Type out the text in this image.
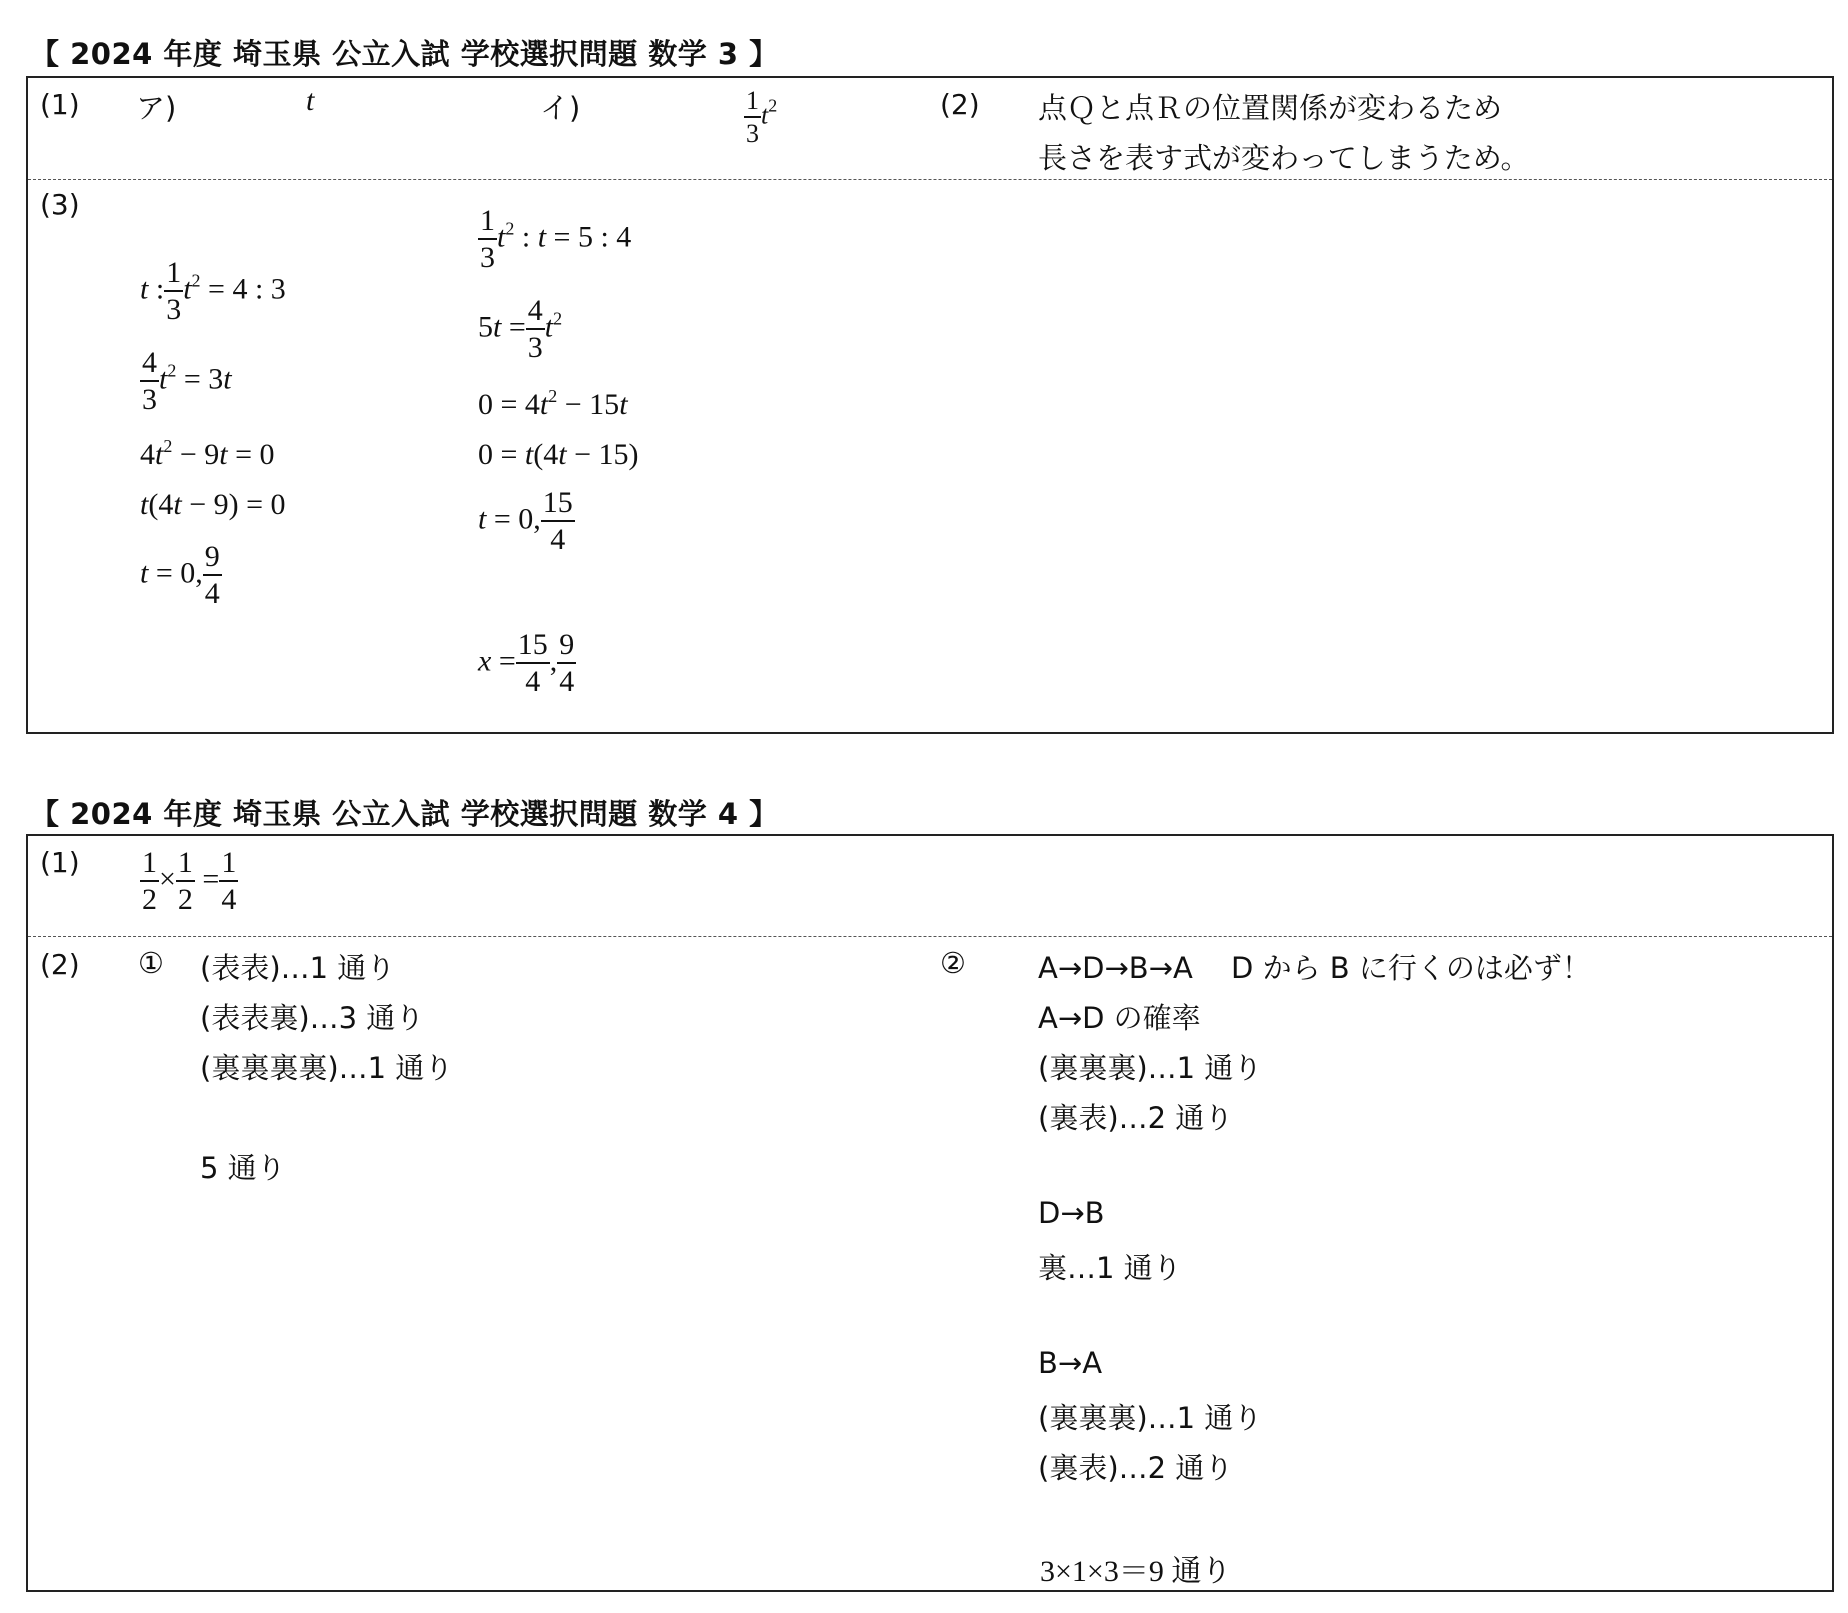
【 2024 年度 埼玉県 公立入試 学校選択問題 数学 3 】
(1) ア)	t	イ)	$\frac{1}{3} t^2$	(2) 点Ｑと点Ｒの位置関係が変わるため
長さを表す式が変わってしまうため。
(3)
t : $\frac{1}{3} t^2 = 4$ : 3
$\frac{4}{3} t^2 = 3t$
$4t^2 - 9t = 0$
t(4t − 9) = 0
t = 0, $\frac{9}{4}$
$\frac{1}{3} t^2$ : t = 5 : 4
$5t = \frac{4}{3} t^2$
$0 = 4t^2 - 15t$
0 = t(4t − 15)
t = 0, $\frac{15}{4}$
$x = \frac{15}{4}$ , $\frac{9}{4}$
【 2024 年度 埼玉県 公立入試 学校選択問題 数学 4 】
$(1) \frac{1}{2} \times \frac{1}{2} = \frac{1}{4}$
(2) ① (表表)…1 通り
(表表裏)…3 通り
(裏裏裏裏)…1 通り
5 通り
② A→D→B→A　 D から B に行くのは必ず！
A→D の確率
(裏裏裏)…1 通り
(裏表)…2 通り
D→B
裏…1 通り
B→A
(裏裏裏)…1 通り
(裏表)…2 通り
3×1×3＝9 通り
